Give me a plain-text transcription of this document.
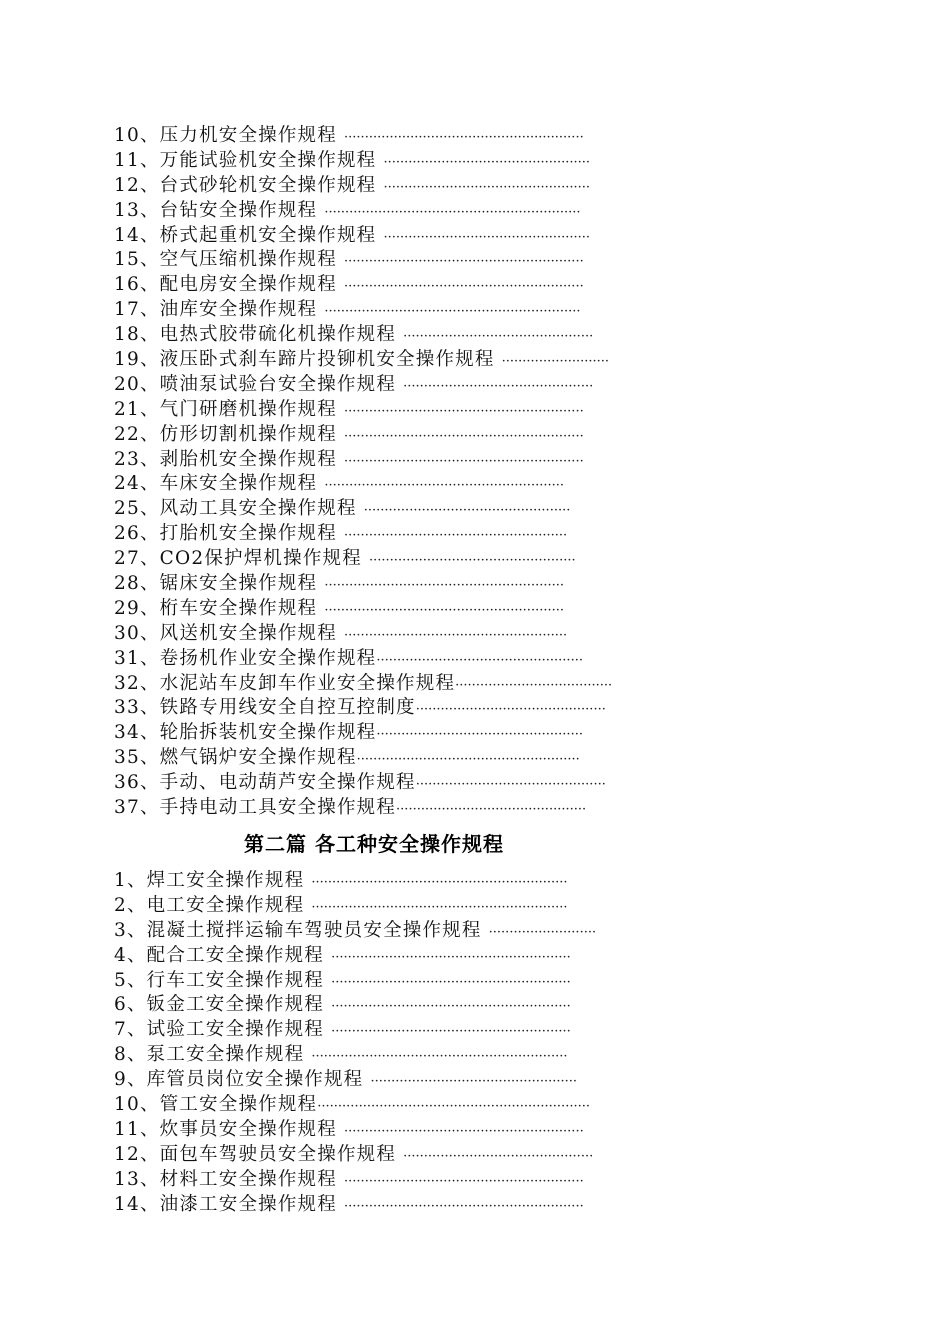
10、压力机安全操作规程 ··························································
11、万能试验机安全操作规程 ··················································
12、台式砂轮机安全操作规程 ··················································
13、台钻安全操作规程 ······························································
14、桥式起重机安全操作规程 ··················································
15、空气压缩机操作规程 ··························································
16、配电房安全操作规程 ··························································
17、油库安全操作规程 ······························································
18、电热式胶带硫化机操作规程 ··············································
19、液压卧式刹车蹄片投铆机安全操作规程 ··························
20、喷油泵试验台安全操作规程 ··············································
21、气门研磨机操作规程 ··························································
22、仿形切割机操作规程 ··························································
23、剥胎机安全操作规程 ··························································
24、车床安全操作规程 ··························································
25、风动工具安全操作规程 ··················································
26、打胎机安全操作规程 ······················································
27、CO2保护焊机操作规程 ··················································
28、锯床安全操作规程 ··························································
29、桁车安全操作规程 ··························································
30、风送机安全操作规程 ······················································
31、卷扬机作业安全操作规程··················································
32、水泥站车皮卸车作业安全操作规程······································
33、铁路专用线安全自控互控制度··············································
34、轮胎拆装机安全操作规程··················································
35、燃气锅炉安全操作规程······················································
36、手动、电动葫芦安全操作规程··············································
37、手持电动工具安全操作规程··············································
第二篇 各工种安全操作规程
1、焊工安全操作规程 ······························································
2、电工安全操作规程 ······························································
3、混凝土搅拌运输车驾驶员安全操作规程 ··························
4、配合工安全操作规程 ··························································
5、行车工安全操作规程 ··························································
6、钣金工安全操作规程 ··························································
7、试验工安全操作规程 ··························································
8、泵工安全操作规程 ······························································
9、库管员岗位安全操作规程 ··················································
10、管工安全操作规程··································································
11、炊事员安全操作规程 ··························································
12、面包车驾驶员安全操作规程 ··············································
13、材料工安全操作规程 ··························································
14、油漆工安全操作规程 ··························································
